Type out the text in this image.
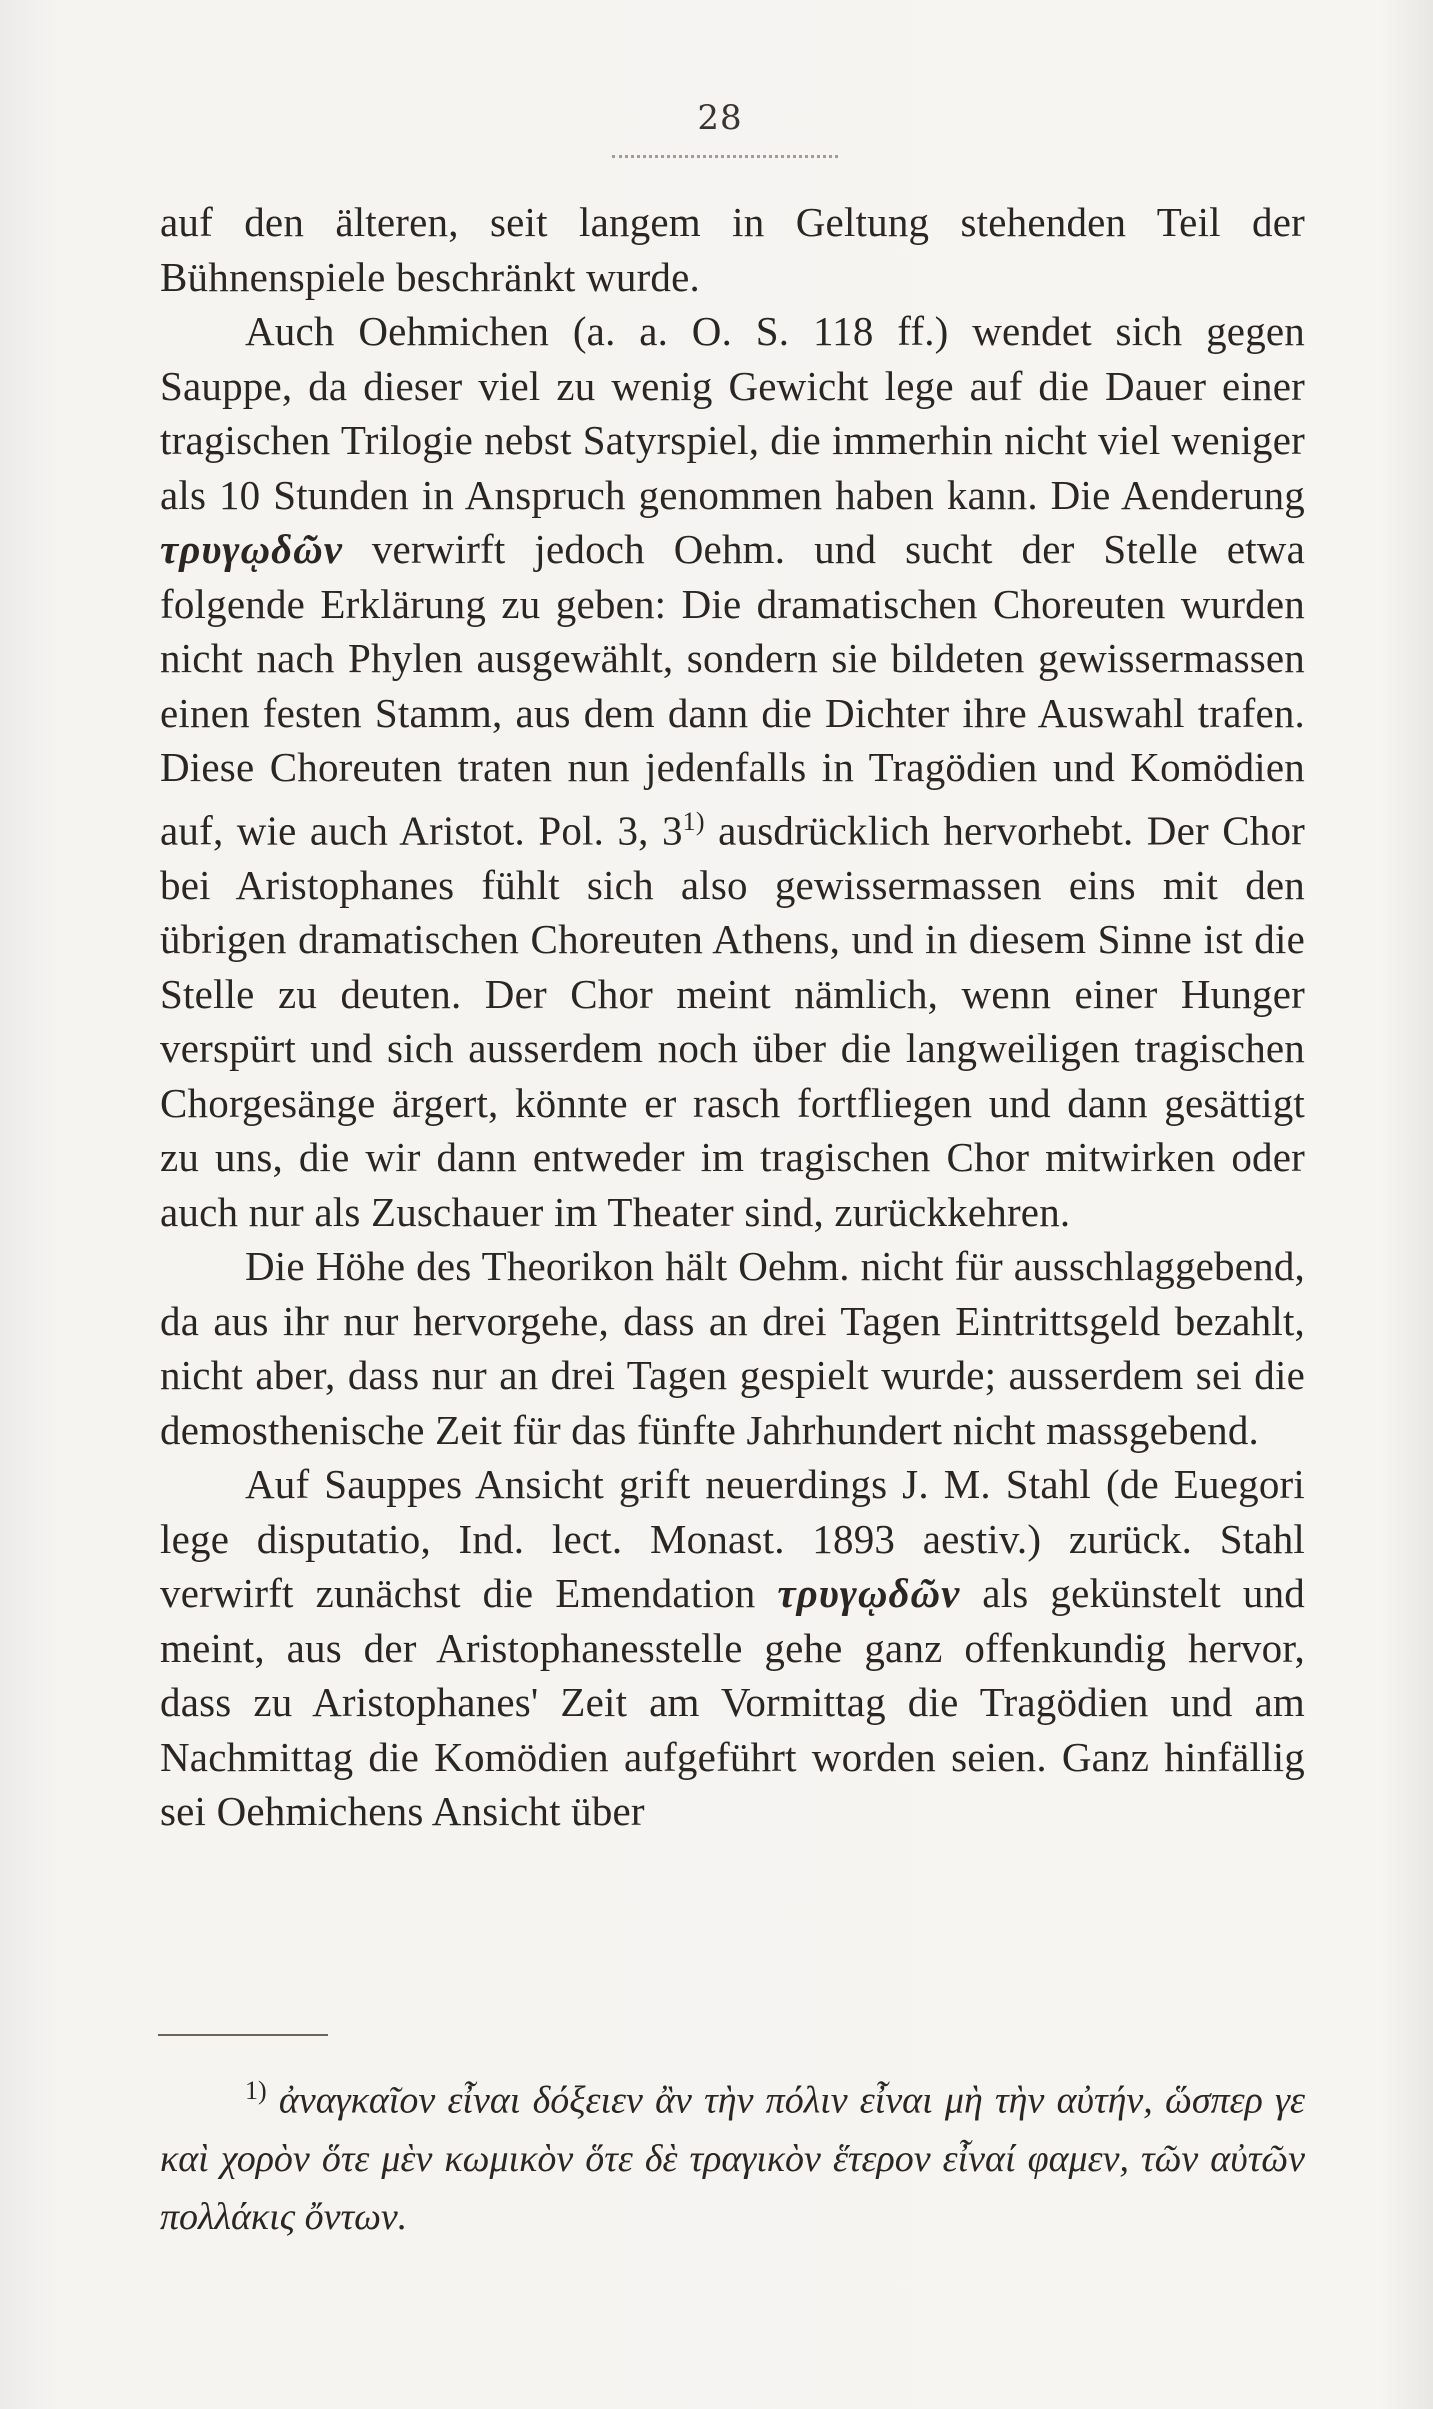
28

auf den älteren, seit langem in Geltung stehenden Teil der Bühnenspiele beschränkt wurde.

Auch Oehmichen (a. a. O. S. 118 ff.) wendet sich gegen Sauppe, da dieser viel zu wenig Gewicht lege auf die Dauer einer tragischen Trilogie nebst Satyrspiel, die immerhin nicht viel weniger als 10 Stunden in Anspruch genommen haben kann. Die Aenderung τρυγῳδῶν verwirft jedoch Oehm. und sucht der Stelle etwa folgende Erklärung zu geben: Die dramatischen Choreuten wurden nicht nach Phylen ausgewählt, sondern sie bildeten gewissermassen einen festen Stamm, aus dem dann die Dichter ihre Auswahl trafen. Diese Choreuten traten nun jedenfalls in Tragödien und Komödien auf, wie auch Aristot. Pol. 3, 3$^{1)}$ ausdrücklich hervorhebt. Der Chor bei Aristophanes fühlt sich also gewissermassen eins mit den übrigen dramatischen Choreuten Athens, und in diesem Sinne ist die Stelle zu deuten. Der Chor meint nämlich, wenn einer Hunger verspürt und sich ausserdem noch über die langweiligen tragischen Chorgesänge ärgert, könnte er rasch fortfliegen und dann gesättigt zu uns, die wir dann entweder im tragischen Chor mitwirken oder auch nur als Zuschauer im Theater sind, zurückkehren.

Die Höhe des Theorikon hält Oehm. nicht für ausschlaggebend, da aus ihr nur hervorgehe, dass an drei Tagen Eintrittsgeld bezahlt, nicht aber, dass nur an drei Tagen gespielt wurde; ausserdem sei die demosthenische Zeit für das fünfte Jahrhundert nicht massgebend.

Auf Sauppes Ansicht grift neuerdings J. M. Stahl (de Euegori lege disputatio, Ind. lect. Monast. 1893 aestiv.) zurück. Stahl verwirft zunächst die Emendation τρυγῳδῶν als gekünstelt und meint, aus der Aristophanesstelle gehe ganz offenkundig hervor, dass zu Aristophanes' Zeit am Vormittag die Tragödien und am Nachmittag die Komödien aufgeführt worden seien. Ganz hinfällig sei Oehmichens Ansicht über

$^{1)}$ ἀναγκαῖον εἶναι δόξειεν ἂν τὴν πόλιν εἶναι μὴ τὴν αὐτήν, ὥσπερ γε καὶ χορὸν ὅτε μὲν κωμικὸν ὅτε δὲ τραγικὸν ἕτερον εἶναί φαμεν, τῶν αὐτῶν πολλάκις ὄντων.
